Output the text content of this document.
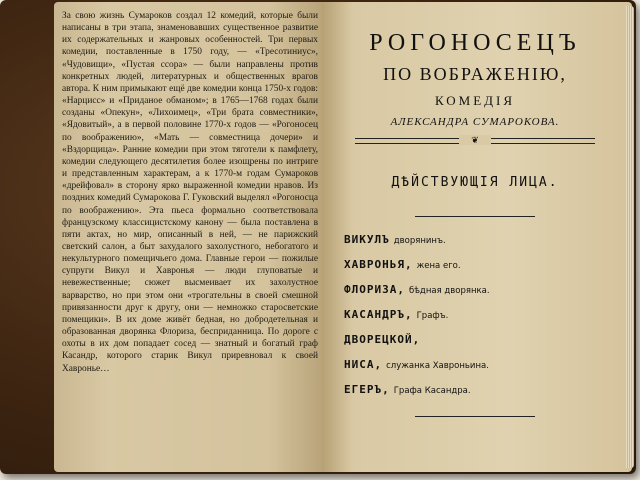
За свою жизнь Сумароков создал 12 комедий, которые были написаны в три этапа, знаменовавших существенное развитие их содержательных и жанровых особенностей. Три первых комедии, поставленные в 1750 году, — «Тресотиниус», «Чудовищи», «Пустая ссора» — были направлены против конкретных людей, литературных и общественных врагов автора. К ним примыкают ещё две комедии конца 1750-х годов: «Нарцисс» и «Приданое обманом»; в 1765—1768 годах были созданы «Опекун», «Лихоимец», «Три брата совместники», «Ядовитый», а в первой половине 1770-х годов — «Рогоносец по воображению», «Мать — совместница дочери» и «Вздорщица». Ранние комедии при этом тяготели к памфлету, комедии следующего десятилетия более изощрены по интриге и представленным характерам, а к 1770-м годам Сумароков «дрейфовал» в сторону ярко выраженной комедии нравов. Из поздних комедий Сумарокова Г. Гуковский выделял «Рогоносца по воображению». Эта пьеса формально соответствовала французскому классицистскому канону — была поставлена в пяти актах, но мир, описанный в ней, — не парижский светский салон, а быт захудалого захолустного, небогатого и некультурного помещичьего дома. Главные герои — пожилые супруги Викул и Хавронья — люди глуповатые и невежественные; сюжет высмеивает их захолустное варварство, но при этом они «трогательны в своей смешной привязанности друг к другу, они — немножко старосветские помещики». В их доме живёт бедная, но добродетельная и образованная дворянка Флориза, бесприданница. По дороге с охоты в их дом попадает сосед — знатный и богатый граф Касандр, которого старик Викул приревновал к своей Хавронье…

РОГОНОСЕЦЪ
ПО ВОБРАЖЕНІЮ,
КОМЕДІЯ
АЛЕКСАНДРА СУМАРОКОВА.
❦
ДѢЙСТВУЮЩІЯ ЛИЦА.
ВИКУЛЪ дворянинъ.
ХАВРОНЬЯ, жена его.
ФЛОРИЗА, бѣдная дворянка.
КАСАНДРЪ, Графъ.
ДВОРЕЦКОЙ,
НИСА, служанка Хавроньина.
ЕГЕРЪ, Графа Касандра.
